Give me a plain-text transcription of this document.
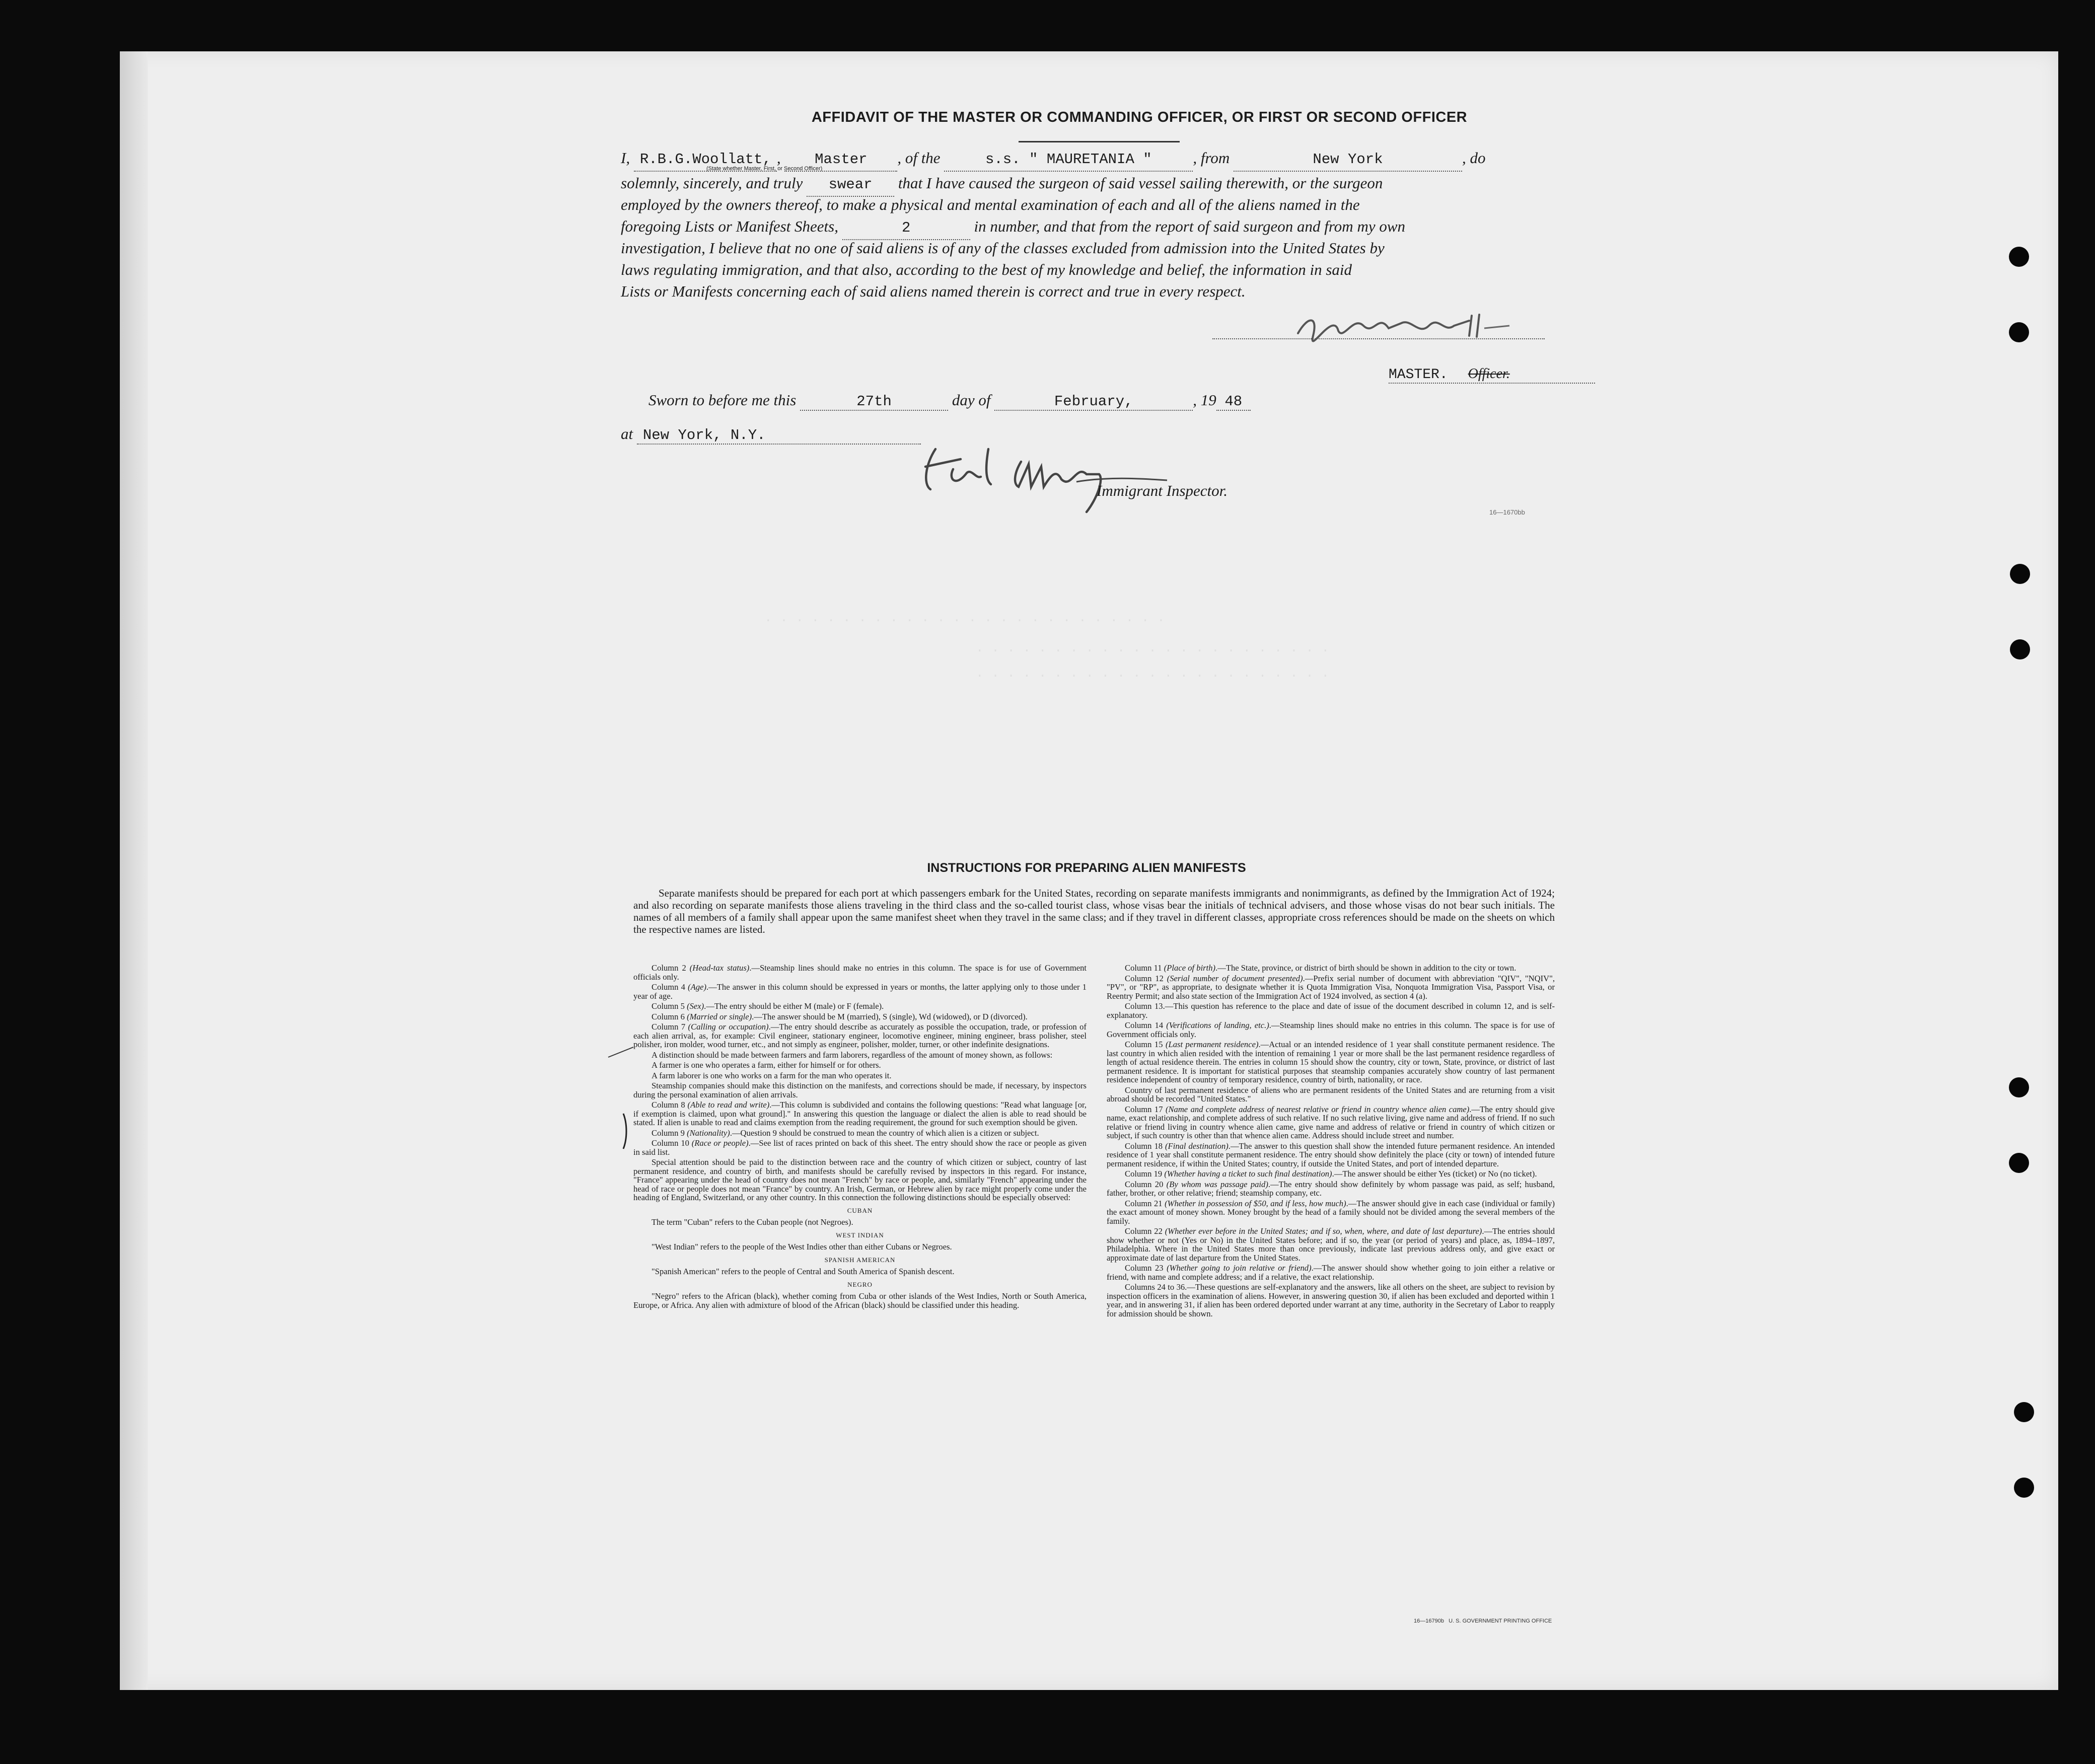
AFFIDAVIT OF THE MASTER OR COMMANDING OFFICER, OR FIRST OR SECOND OFFICER
I, R.B.G.Woollatt, , Master , of the	s.s. " MAURETANIA "	, from	New York	, do
(State whether Master, First, or Second Officer)
solemnly, sincerely, and truly swear that I have caused the surgeon of said vessel sailing therewith, or the surgeon
employed by the owners thereof, to make a physical and mental examination of each and all of the aliens named in the
foregoing Lists or Manifest Sheets,	2	in number, and that from the report of said surgeon and from my own
investigation, I believe that no one of said aliens is of any of the classes excluded from admission into the United States by
laws regulating immigration, and that also, according to the best of my knowledge and belief, the information in said
Lists or Manifests concerning each of said aliens named therein is correct and true in every respect.
MASTER. Officer.
Sworn to before me this	27th	day of	February,	, 19 48
at New York, N.Y.
Immigrant Inspector.
16—1670bb
. . . . . . . . . . . . . . . . . . . . . . . . . .
. . . . . . . . . . . . . . . . . . . . . . .
. . . . . . . . . . . . . . . . . . . . . . .
INSTRUCTIONS FOR PREPARING ALIEN MANIFESTS

Separate manifests should be prepared for each port at which passengers embark for the United States, recording on separate manifests immigrants and nonimmigrants, as defined by the Immigration Act of 1924; and also recording on separate manifests those aliens traveling in the third class and the so-called tourist class, whose visas bear the initials of technical advisers, and those whose visas do not bear such initials. The names of all members of a family shall appear upon the same manifest sheet when they travel in the same class; and if they travel in different classes, appropriate cross references should be made on the sheets on which the respective names are listed.

Column 2 (Head-tax status).—Steamship lines should make no entries in this column. The space is for use of Government officials only.

Column 4 (Age).—The answer in this column should be expressed in years or months, the latter applying only to those under 1 year of age.

Column 5 (Sex).—The entry should be either M (male) or F (female).

Column 6 (Married or single).—The answer should be M (married), S (single), Wd (widowed), or D (divorced).

Column 7 (Calling or occupation).—The entry should describe as accurately as possible the occupation, trade, or profession of each alien arrival, as, for example: Civil engineer, stationary engineer, locomotive engineer, mining engineer, brass polisher, steel polisher, iron molder, wood turner, etc., and not simply as engineer, polisher, molder, turner, or other indefinite designations.

A distinction should be made between farmers and farm laborers, regardless of the amount of money shown, as follows:

A farmer is one who operates a farm, either for himself or for others.

A farm laborer is one who works on a farm for the man who operates it.

Steamship companies should make this distinction on the manifests, and corrections should be made, if necessary, by inspectors during the personal examination of alien arrivals.

Column 8 (Able to read and write).—This column is subdivided and contains the following questions: "Read what language [or, if exemption is claimed, upon what ground]." In answering this question the language or dialect the alien is able to read should be stated. If alien is unable to read and claims exemption from the reading requirement, the ground for such exemption should be given.

Column 9 (Nationality).—Question 9 should be construed to mean the country of which alien is a citizen or subject.

Column 10 (Race or people).—See list of races printed on back of this sheet. The entry should show the race or people as given in said list.

Special attention should be paid to the distinction between race and the country of which citizen or subject, country of last permanent residence, and country of birth, and manifests should be carefully revised by inspectors in this regard. For instance, "France" appearing under the head of country does not mean "French" by race or people, and, similarly "French" appearing under the head of race or people does not mean "France" by country. An Irish, German, or Hebrew alien by race might properly come under the heading of England, Switzerland, or any other country. In this connection the following distinctions should be especially observed:

CUBAN

The term "Cuban" refers to the Cuban people (not Negroes).

WEST INDIAN

"West Indian" refers to the people of the West Indies other than either Cubans or Negroes.

SPANISH AMERICAN

"Spanish American" refers to the people of Central and South America of Spanish descent.

NEGRO

"Negro" refers to the African (black), whether coming from Cuba or other islands of the West Indies, North or South America, Europe, or Africa. Any alien with admixture of blood of the African (black) should be classified under this heading.

Column 11 (Place of birth).—The State, province, or district of birth should be shown in addition to the city or town.

Column 12 (Serial number of document presented).—Prefix serial number of document with abbreviation "QIV", "NQIV", "PV", or "RP", as appropriate, to designate whether it is Quota Immigration Visa, Nonquota Immigration Visa, Passport Visa, or Reentry Permit; and also state section of the Immigration Act of 1924 involved, as section 4 (a).

Column 13.—This question has reference to the place and date of issue of the document described in column 12, and is self-explanatory.

Column 14 (Verifications of landing, etc.).—Steamship lines should make no entries in this column. The space is for use of Government officials only.

Column 15 (Last permanent residence).—Actual or an intended residence of 1 year shall constitute permanent residence. The last country in which alien resided with the intention of remaining 1 year or more shall be the last permanent residence regardless of length of actual residence therein. The entries in column 15 should show the country, city or town, State, province, or district of last permanent residence. It is important for statistical purposes that steamship companies accurately show country of last permanent residence independent of country of temporary residence, country of birth, nationality, or race.

Country of last permanent residence of aliens who are permanent residents of the United States and are returning from a visit abroad should be recorded "United States."

Column 17 (Name and complete address of nearest relative or friend in country whence alien came).—The entry should give name, exact relationship, and complete address of such relative. If no such relative living, give name and address of friend. If no such relative or friend living in country whence alien came, give name and address of relative or friend in country of which citizen or subject, if such country is other than that whence alien came. Address should include street and number.

Column 18 (Final destination).—The answer to this question shall show the intended future permanent residence. An intended residence of 1 year shall constitute permanent residence. The entry should show definitely the place (city or town) of intended future permanent residence, if within the United States; country, if outside the United States, and port of intended departure.

Column 19 (Whether having a ticket to such final destination).—The answer should be either Yes (ticket) or No (no ticket).

Column 20 (By whom was passage paid).—The entry should show definitely by whom passage was paid, as self; husband, father, brother, or other relative; friend; steamship company, etc.

Column 21 (Whether in possession of $50, and if less, how much).—The answer should give in each case (individual or family) the exact amount of money shown. Money brought by the head of a family should not be divided among the several members of the family.

Column 22 (Whether ever before in the United States; and if so, when, where, and date of last departure).—The entries should show whether or not (Yes or No) in the United States before; and if so, the year (or period of years) and place, as, 1894–1897, Philadelphia. Where in the United States more than once previously, indicate last previous address only, and give exact or approximate date of last departure from the United States.

Column 23 (Whether going to join relative or friend).—The answer should show whether going to join either a relative or friend, with name and complete address; and if a relative, the exact relationship.

Columns 24 to 36.—These questions are self-explanatory and the answers, like all others on the sheet, are subject to revision by inspection officers in the examination of aliens. However, in answering question 30, if alien has been excluded and deported within 1 year, and in answering 31, if alien has been ordered deported under warrant at any time, authority in the Secretary of Labor to reapply for admission should be shown.

16—16790b U. S. GOVERNMENT PRINTING OFFICE
